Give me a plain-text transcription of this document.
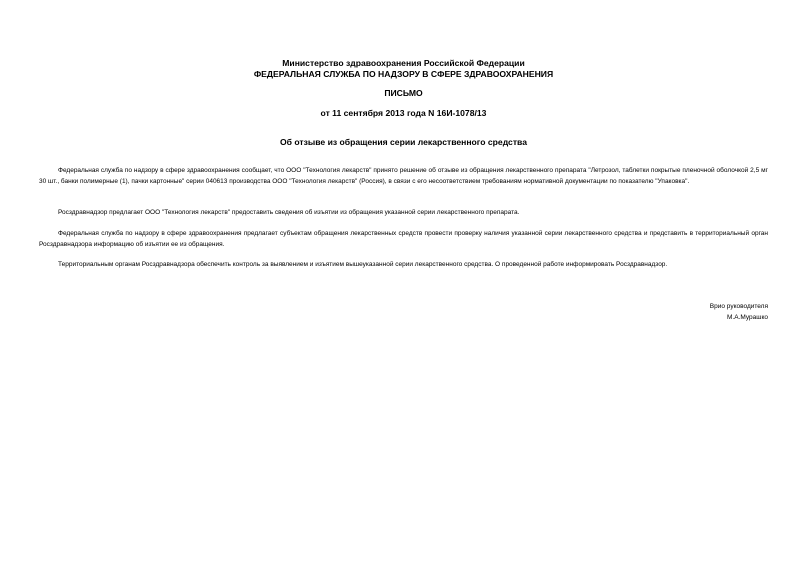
Министерство здравоохранения Российской Федерации
ФЕДЕРАЛЬНАЯ СЛУЖБА ПО НАДЗОРУ В СФЕРЕ ЗДРАВООХРАНЕНИЯ
ПИСЬМО
от 11 сентября 2013 года N 16И-1078/13
Об отзыве из обращения серии лекарственного средства

Федеральная служба по надзору в сфере здравоохранения сообщает, что ООО "Технология лекарств" принято решение об отзыве из обращения лекарственного препарата "Летрозол, таблетки покрытые пленочной оболочкой 2,5 мг 30 шт., банки полимерные (1), пачки картонные" серии 040613 производства ООО "Технология лекарств" (Россия), в связи с его несоответствием требованиям нормативной документации по показателю "Упаковка".

Росздравнадзор предлагает ООО "Технология лекарств" предоставить сведения об изъятии из обращения указанной серии лекарственного препарата.

Федеральная служба по надзору в сфере здравоохранения предлагает субъектам обращения лекарственных средств провести проверку наличия указанной серии лекарственного средства и представить в территориальный орган Росздравнадзора информацию об изъятии ее из обращения.

Территориальным органам Росздравнадзора обеспечить контроль за выявлением и изъятием вышеуказанной серии лекарственного средства. О проведенной работе информировать Росздравнадзор.

Врио руководителя
М.А.Мурашко
